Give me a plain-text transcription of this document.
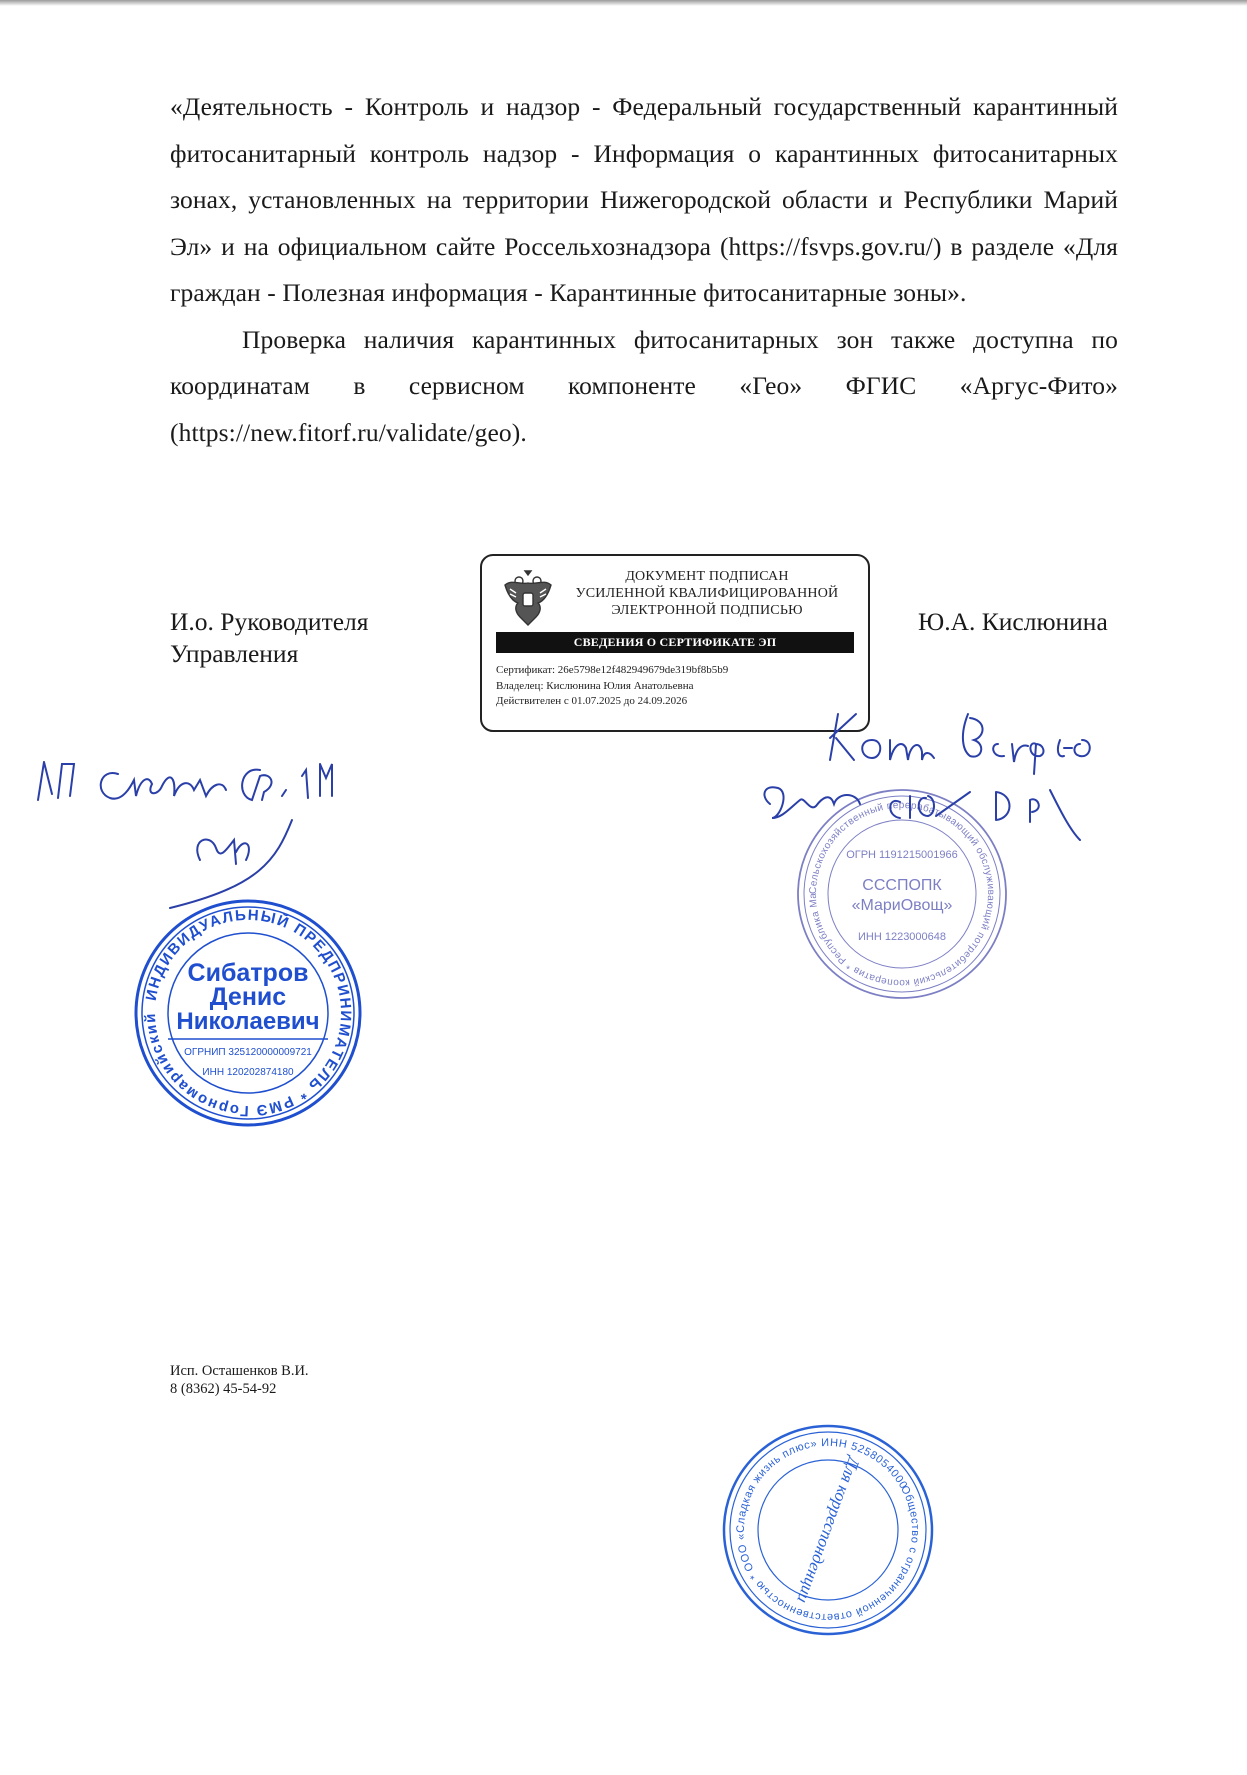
«Деятельность - Контроль и надзор - Федеральный государственный карантинный фитосанитарный контроль надзор - Информация о карантинных фитосанитарных зонах, установленных на территории Нижегородской области и Республики Марий Эл» и на официальном сайте Россельхознадзора (https://fsvps.gov.ru/) в разделе «Для граждан - Полезная информация - Карантинные фитосанитарные зоны».

Проверка наличия карантинных фитосанитарных зон также доступна по координатам в сервисном компоненте «Гео» ФГИС «Аргус-Фито» (https://new.fitorf.ru/validate/geo).

И.о. Руководителя
Управления
Ю.А. Кислюнина
ДОКУМЕНТ ПОДПИСАН
УСИЛЕННОЙ КВАЛИФИЦИРОВАННОЙ
ЭЛЕКТРОННОЙ ПОДПИСЬЮ
СВЕДЕНИЯ О СЕРТИФИКАТЕ ЭП
Сертификат: 26e5798e12f482949679de319bf8b5b9
Владелец: Кислюнина Юлия Анатольевна
Действителен с 01.07.2025 до 24.09.2026
Исп. Осташенков В.И.
8 (8362) 45-54-92
ИНДИВИДУАЛЬНЫЙ ПРЕДПРИНИМАТЕЛЬ * РМЭ Горномарийский р-н, д. Актушево
Сибатров
Денис
Николаевич
ОГРНИП 325120000009721
ИНН 120202874180
Сельскохозяйственный перерабатывающий обслуживающий потребительский кооператив * Республика Марий Эл, Горномарийский район, д. Яштугпа *
ОГРН 1191215001966
СССПОПК
«МариОвощ»
ИНН 1223000648
Общество с ограниченной ответственностью * ООО «Сладкая жизнь плюс» ИНН 5258054000 ОГРН 1055233034845 * г. Нижний Новгород *
Для корреспонденции
